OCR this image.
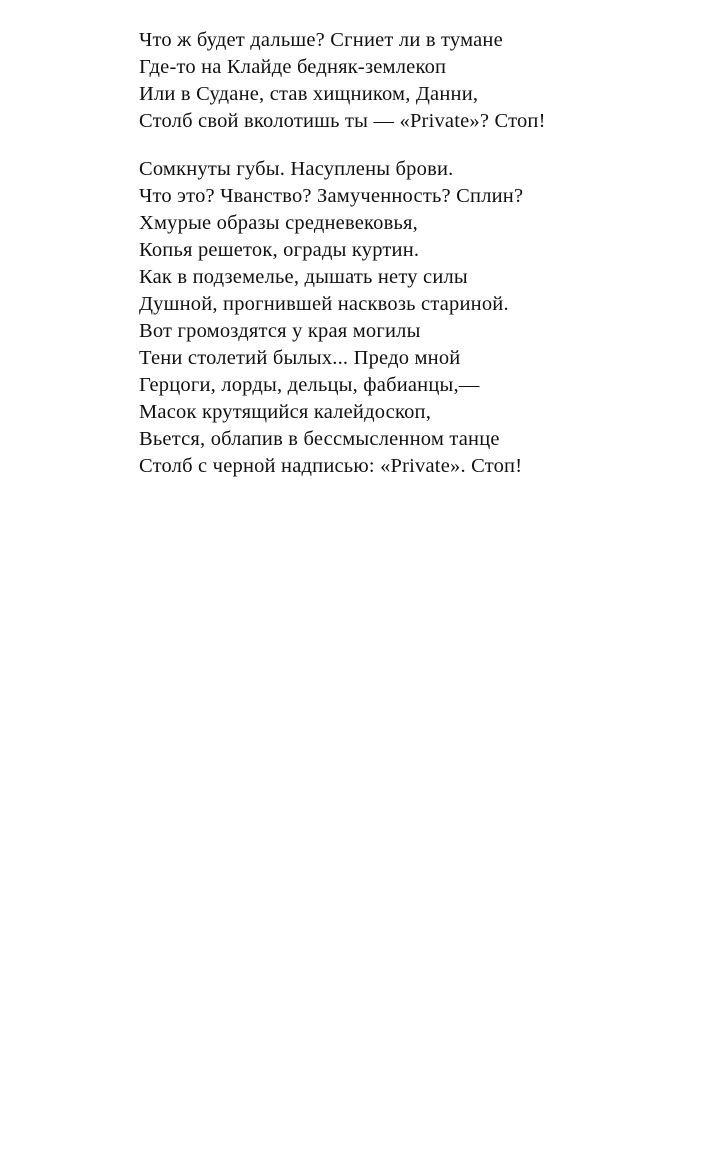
Что ж будет дальше? Сгниет ли в тумане
Где-то на Клайде бедняк-землекоп
Или в Судане, став хищником, Данни,
Столб свой вколотишь ты — «Private»? Стоп!
Сомкнуты губы. Насуплены брови.
Что это? Чванство? Замученность? Сплин?
Хмурые образы средневековья,
Копья решеток, ограды куртин.
Как в подземелье, дышать нету силы
Душной, прогнившей насквозь стариной.
Вот громоздятся у края могилы
Тени столетий былых... Предо мной
Герцоги, лорды, дельцы, фабианцы,—
Масок крутящийся калейдоскоп,
Вьется, облапив в бессмысленном танце
Столб с черной надписью: «Private». Стоп!
